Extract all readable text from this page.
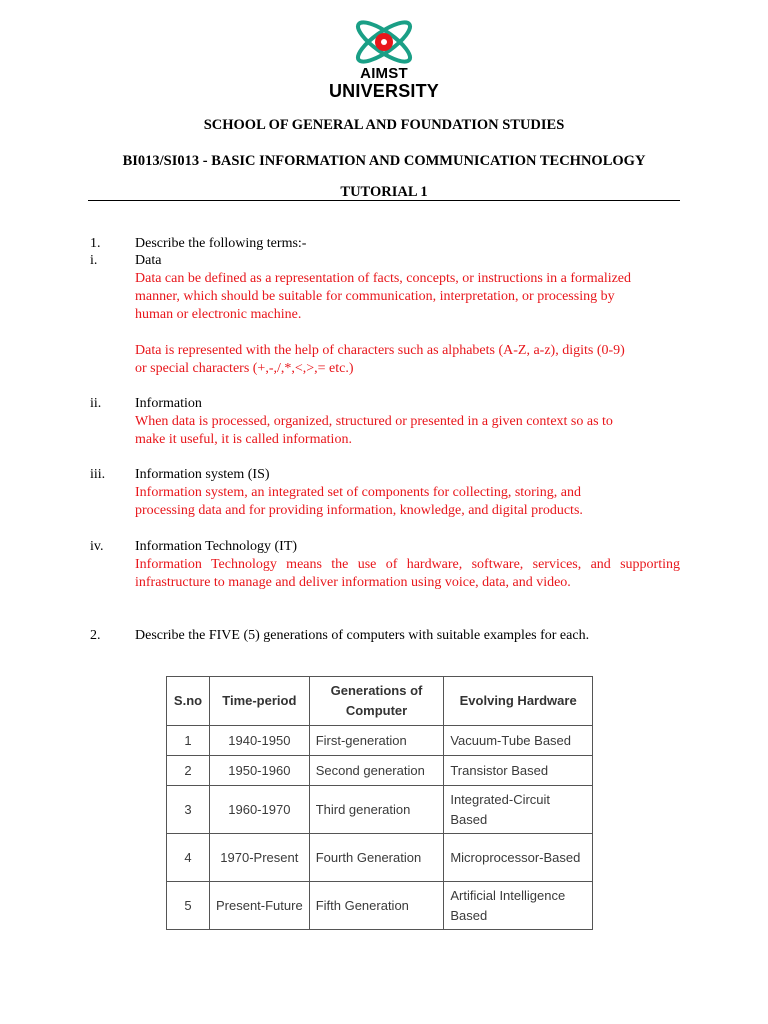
AIMST
UNIVERSITY
SCHOOL OF GENERAL AND FOUNDATION STUDIES
BI013/SI013 - BASIC INFORMATION AND COMMUNICATION TECHNOLOGY
TUTORIAL 1
1. Describe the following terms:-
i.	Data

Data can be defined as a representation of facts, concepts, or instructions in a formalized

manner, which should be suitable for communication, interpretation, or processing by

human or electronic machine.

Data is represented with the help of characters such as alphabets (A-Z, a-z), digits (0-9)

or special characters (+,-,/,*,<,>,= etc.)

ii. Information

When data is processed, organized, structured or presented in a given context so as to

make it useful, it is called information.

iii. Information system (IS)

Information system, an integrated set of components for collecting, storing, and

processing data and for providing information, knowledge, and digital products.

iv. Information Technology (IT)

Information Technology means the use of hardware, software, services, and supporting

infrastructure to manage and deliver information using voice, data, and video.

2. Describe the FIVE (5) generations of computers with suitable examples for each.
S.no	Time-period	Generations of Computer	Evolving Hardware
1	1940-1950	First-generation	Vacuum-Tube Based
2	1950-1960	Second generation	Transistor Based
3	1960-1970	Third generation	Integrated-Circuit Based
4	1970-Present	Fourth Generation	Microprocessor-Based
5	Present-Future	Fifth Generation	Artificial Intelligence Based
